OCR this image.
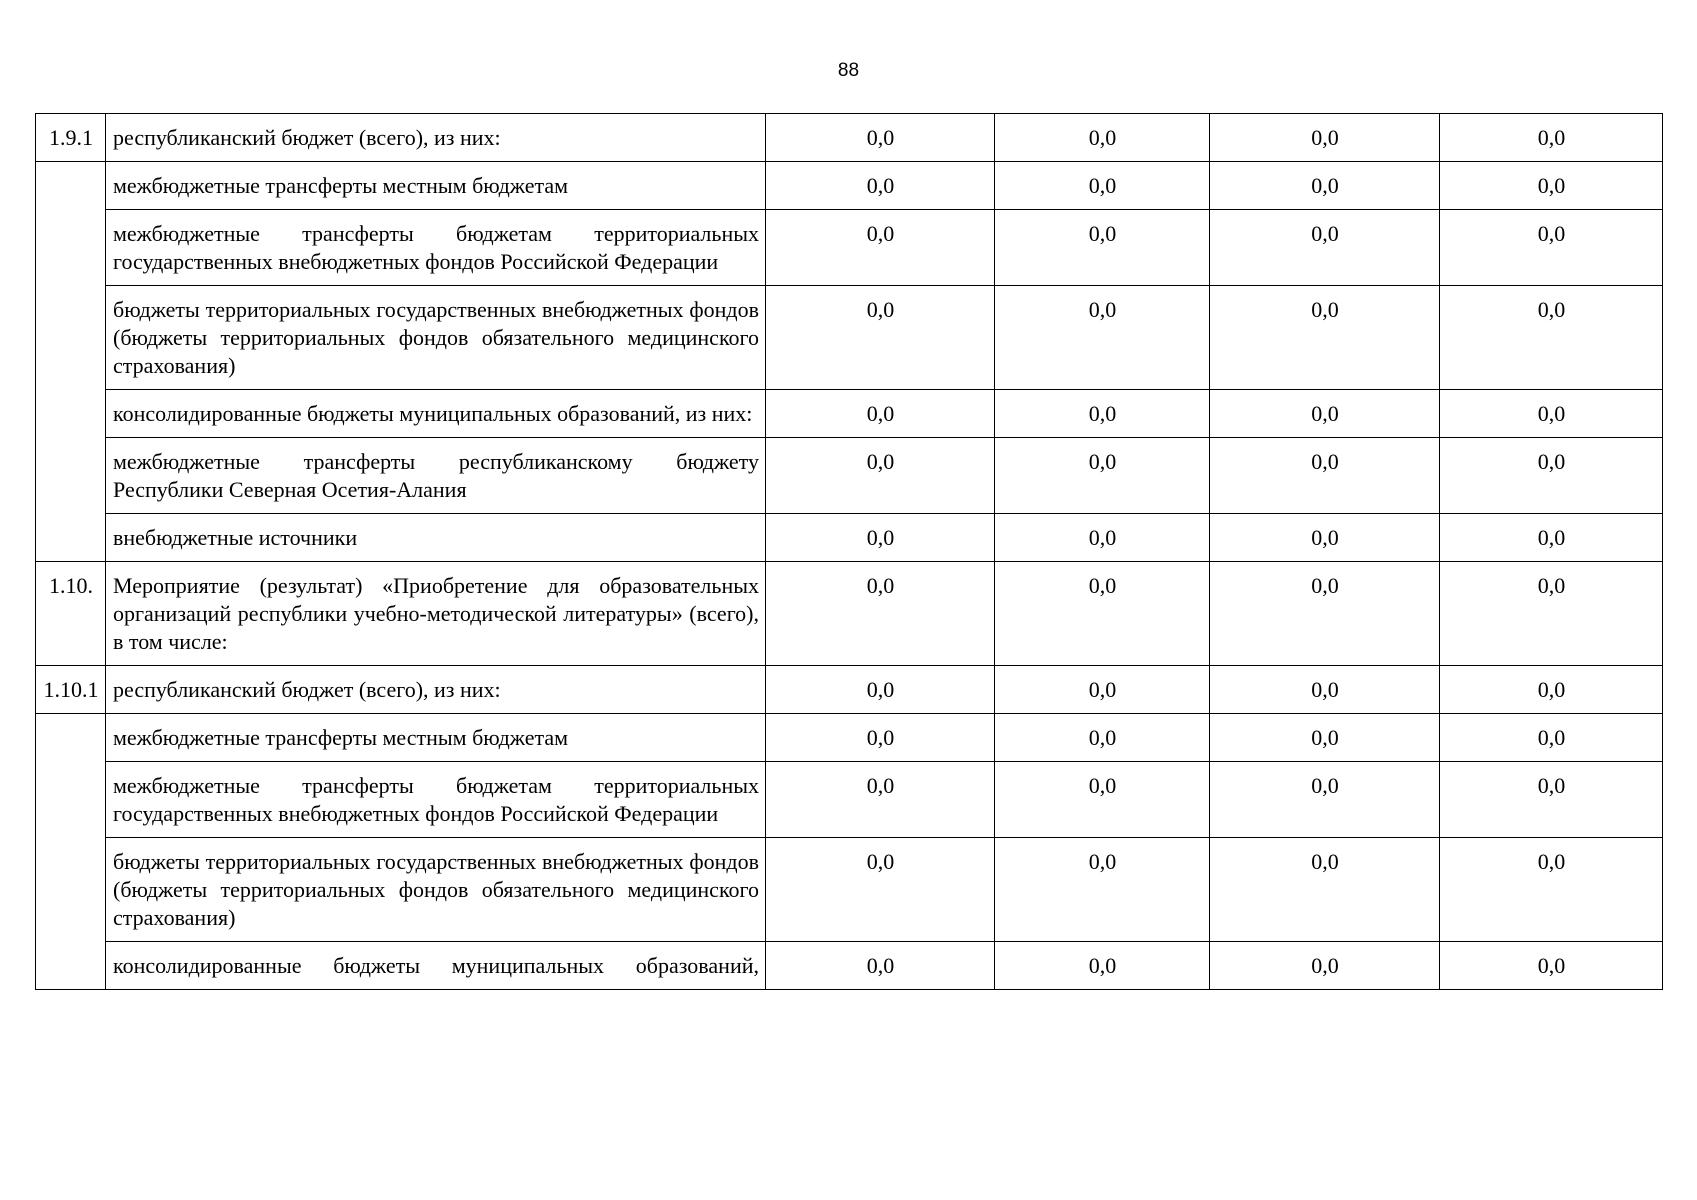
88
1.9.1	республиканский бюджет (всего), из них:	0,0	0,0	0,0	0,0
	межбюджетные трансферты местным бюджетам	0,0	0,0	0,0	0,0
	межбюджетные трансферты бюджетам территориальных государственных внебюджетных фондов Российской Федерации	0,0	0,0	0,0	0,0
	бюджеты территориальных государственных внебюджетных фондов (бюджеты территориальных фондов обязательного медицинского страхования)	0,0	0,0	0,0	0,0
	консолидированные бюджеты муниципальных образований, из них:	0,0	0,0	0,0	0,0
	межбюджетные трансферты республиканскому бюджету Республики Северная Осетия-Алания	0,0	0,0	0,0	0,0
	внебюджетные источники	0,0	0,0	0,0	0,0
1.10.	Мероприятие (результат) «Приобретение для образовательных организаций республики учебно-методической литературы» (всего), в том числе:	0,0	0,0	0,0	0,0
1.10.1	республиканский бюджет (всего), из них:	0,0	0,0	0,0	0,0
	межбюджетные трансферты местным бюджетам	0,0	0,0	0,0	0,0
	межбюджетные трансферты бюджетам территориальных государственных внебюджетных фондов Российской Федерации	0,0	0,0	0,0	0,0
	бюджеты территориальных государственных внебюджетных фондов (бюджеты территориальных фондов обязательного медицинского страхования)	0,0	0,0	0,0	0,0
	консолидированные бюджеты муниципальных образований,	0,0	0,0	0,0	0,0
